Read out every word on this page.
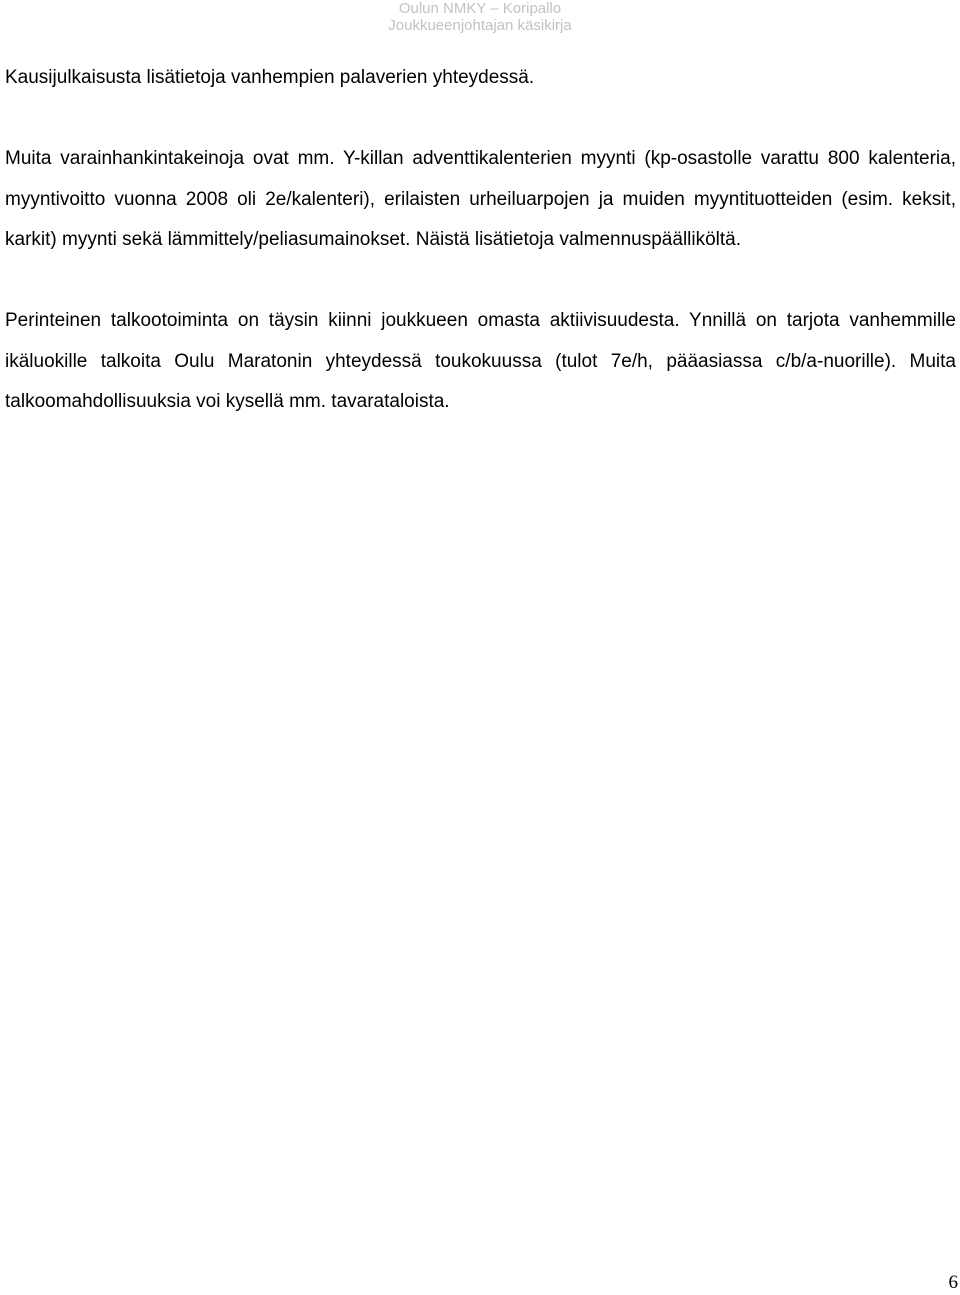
Oulun NMKY – Koripallo
Joukkueenjohtajan käsikirja

Kausijulkaisusta lisätietoja vanhempien palaverien yhteydessä.

Muita varainhankintakeinoja ovat mm. Y-killan adventtikalenterien myynti (kp-osastolle varattu 800 kalenteria, myyntivoitto vuonna 2008 oli 2e/kalenteri), erilaisten urheiluarpojen ja muiden myyntituotteiden (esim. keksit, karkit) myynti sekä lämmittely/peliasumainokset. Näistä lisätietoja valmennuspäälliköltä.

Perinteinen talkootoiminta on täysin kiinni joukkueen omasta aktiivisuudesta. Ynnillä on tarjota vanhemmille ikäluokille talkoita Oulu Maratonin yhteydessä toukokuussa (tulot 7e/h, pääasiassa c/b/a-nuorille). Muita talkoomahdollisuuksia voi kysellä mm. tavarataloista.

6
